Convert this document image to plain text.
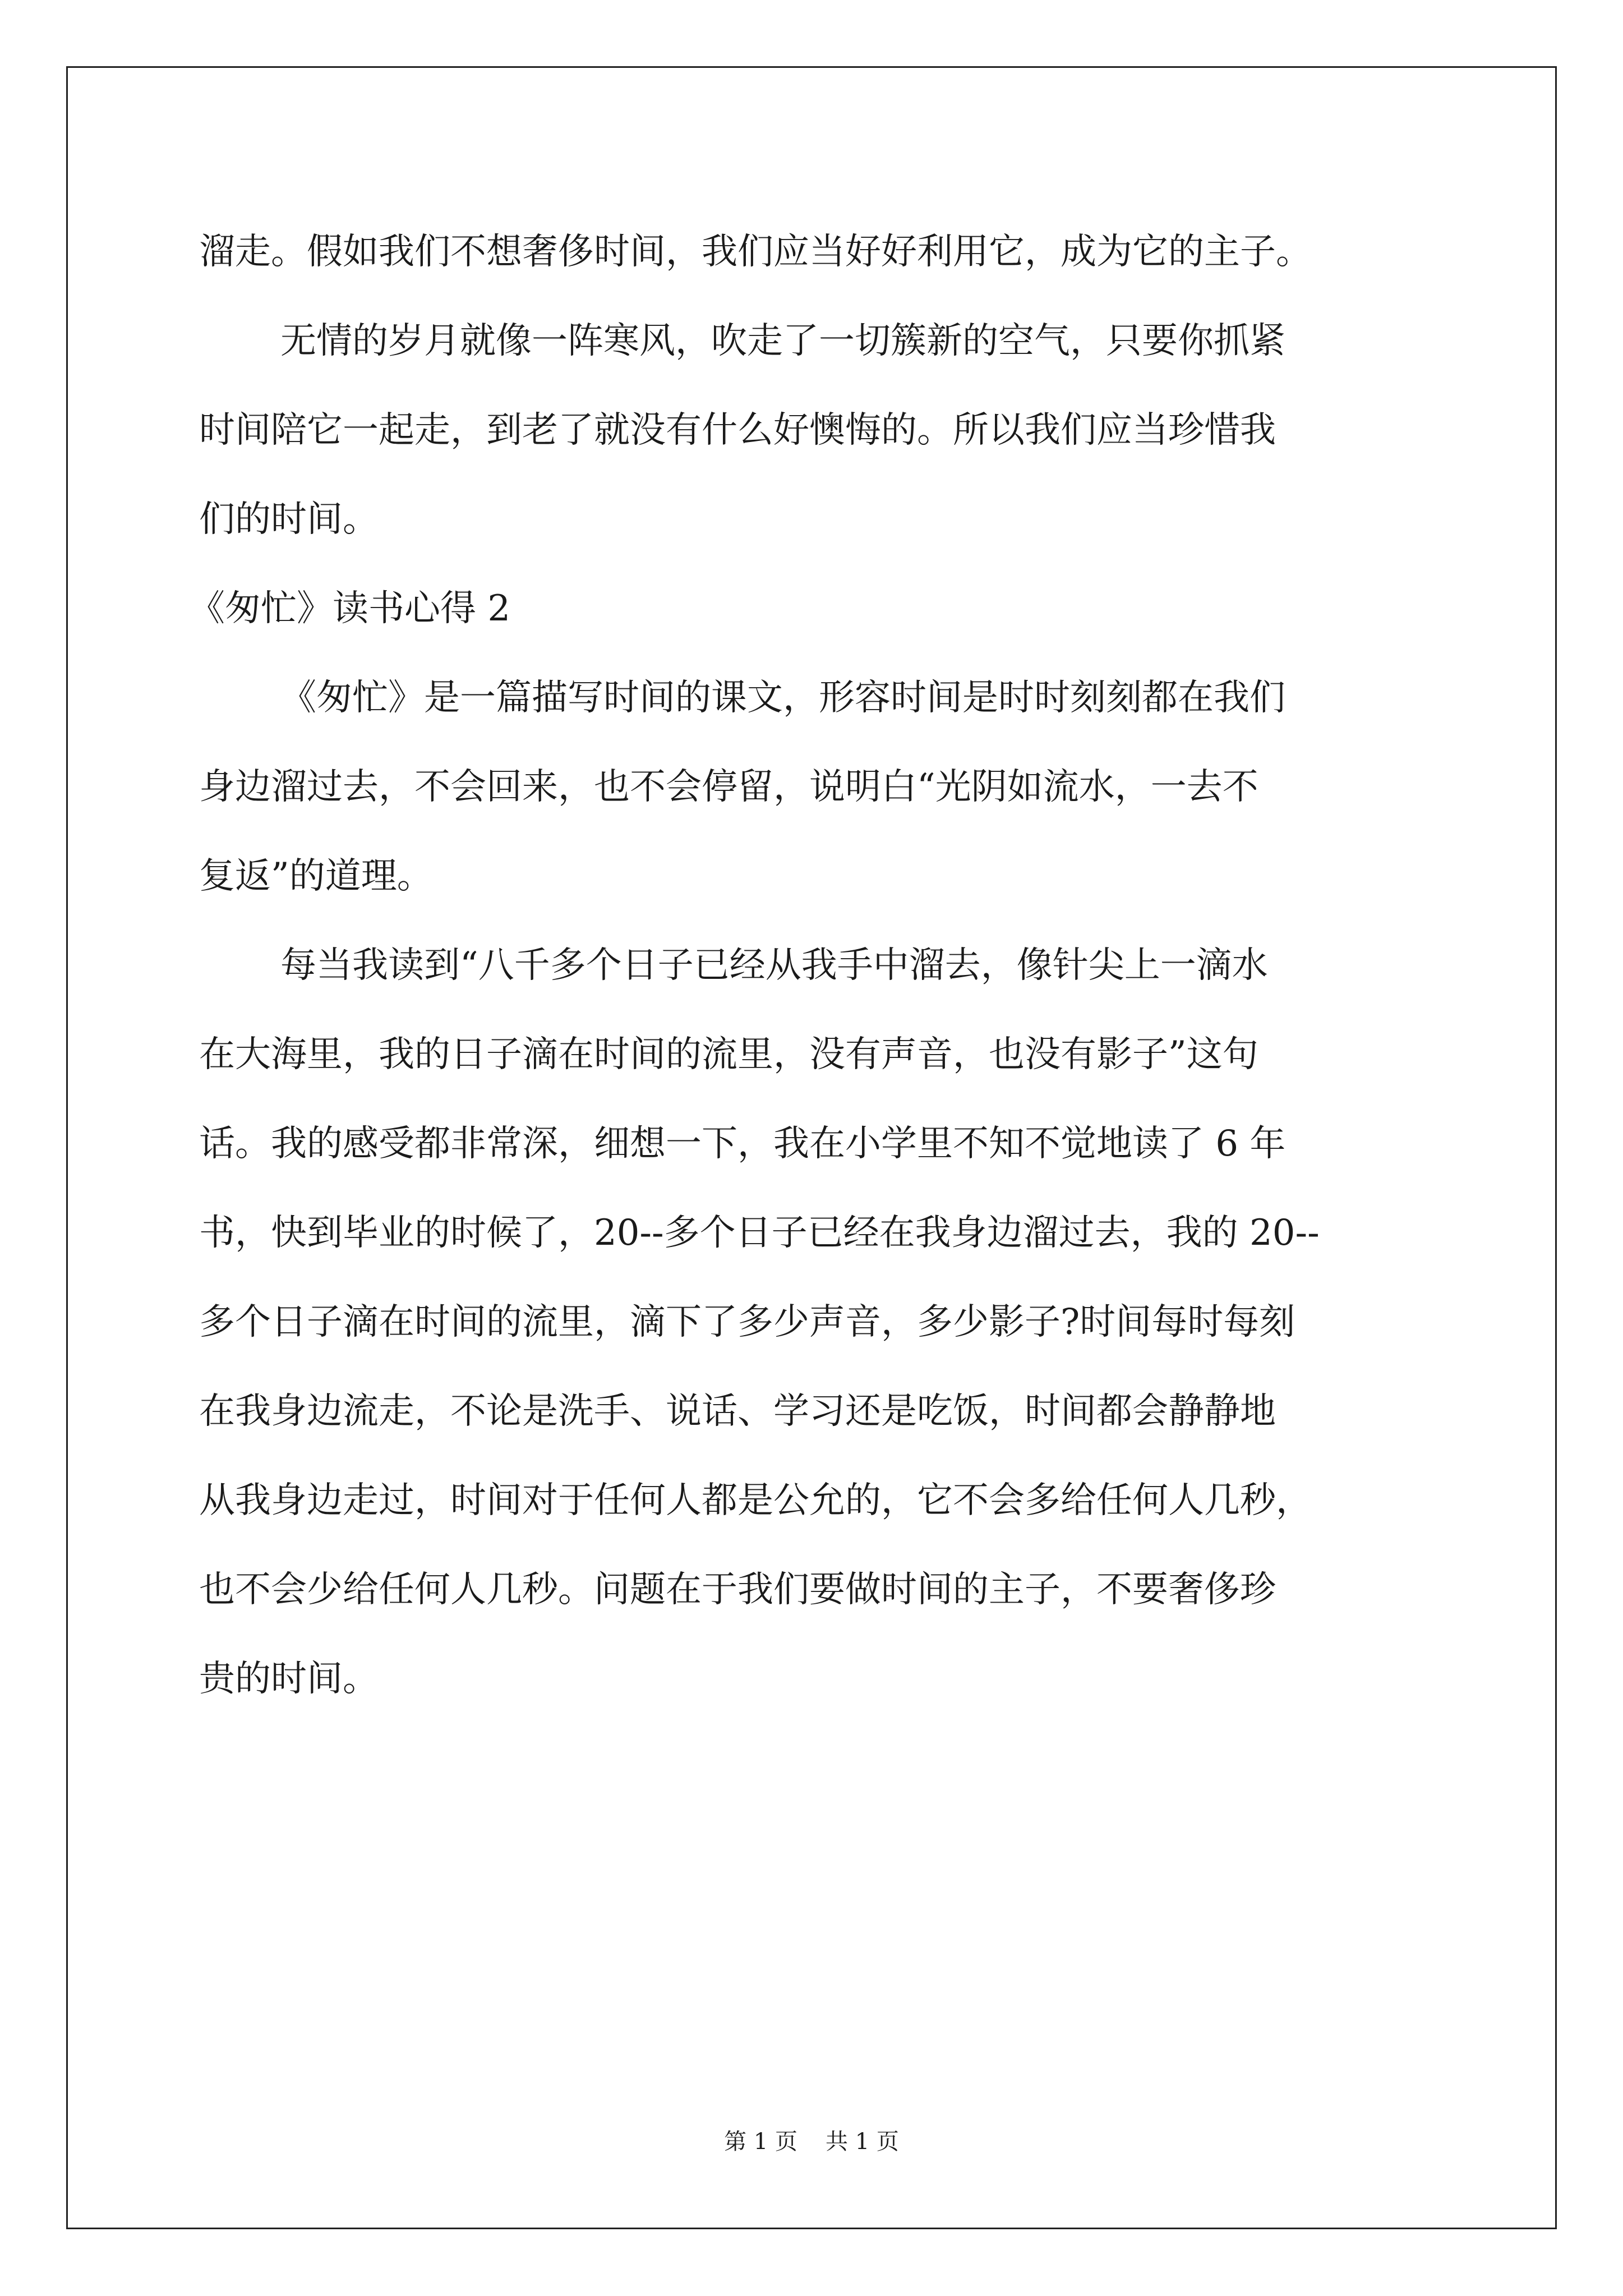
溜走。假如我们不想奢侈时间，我们应当好好利用它，成为它的主子。
无情的岁月就像一阵寒风，吹走了一切簇新的空气，只要你抓紧
时间陪它一起走，到老了就没有什么好懊悔的。所以我们应当珍惜我
们的时间。
《匆忙》读书心得 2
《匆忙》是一篇描写时间的课文，形容时间是时时刻刻都在我们
身边溜过去，不会回来，也不会停留，说明白“光阴如流水，一去不
复返”的道理。
每当我读到“八千多个日子已经从我手中溜去，像针尖上一滴水
在大海里，我的日子滴在时间的流里，没有声音，也没有影子”这句
话。我的感受都非常深，细想一下，我在小学里不知不觉地读了 6 年
书，快到毕业的时候了，20--多个日子已经在我身边溜过去，我的 20--
多个日子滴在时间的流里，滴下了多少声音，多少影子?时间每时每刻
在我身边流走，不论是洗手、说话、学习还是吃饭，时间都会静静地
从我身边走过，时间对于任何人都是公允的，它不会多给任何人几秒，
也不会少给任何人几秒。问题在于我们要做时间的主子，不要奢侈珍
贵的时间。
第 1 页 共 1 页
